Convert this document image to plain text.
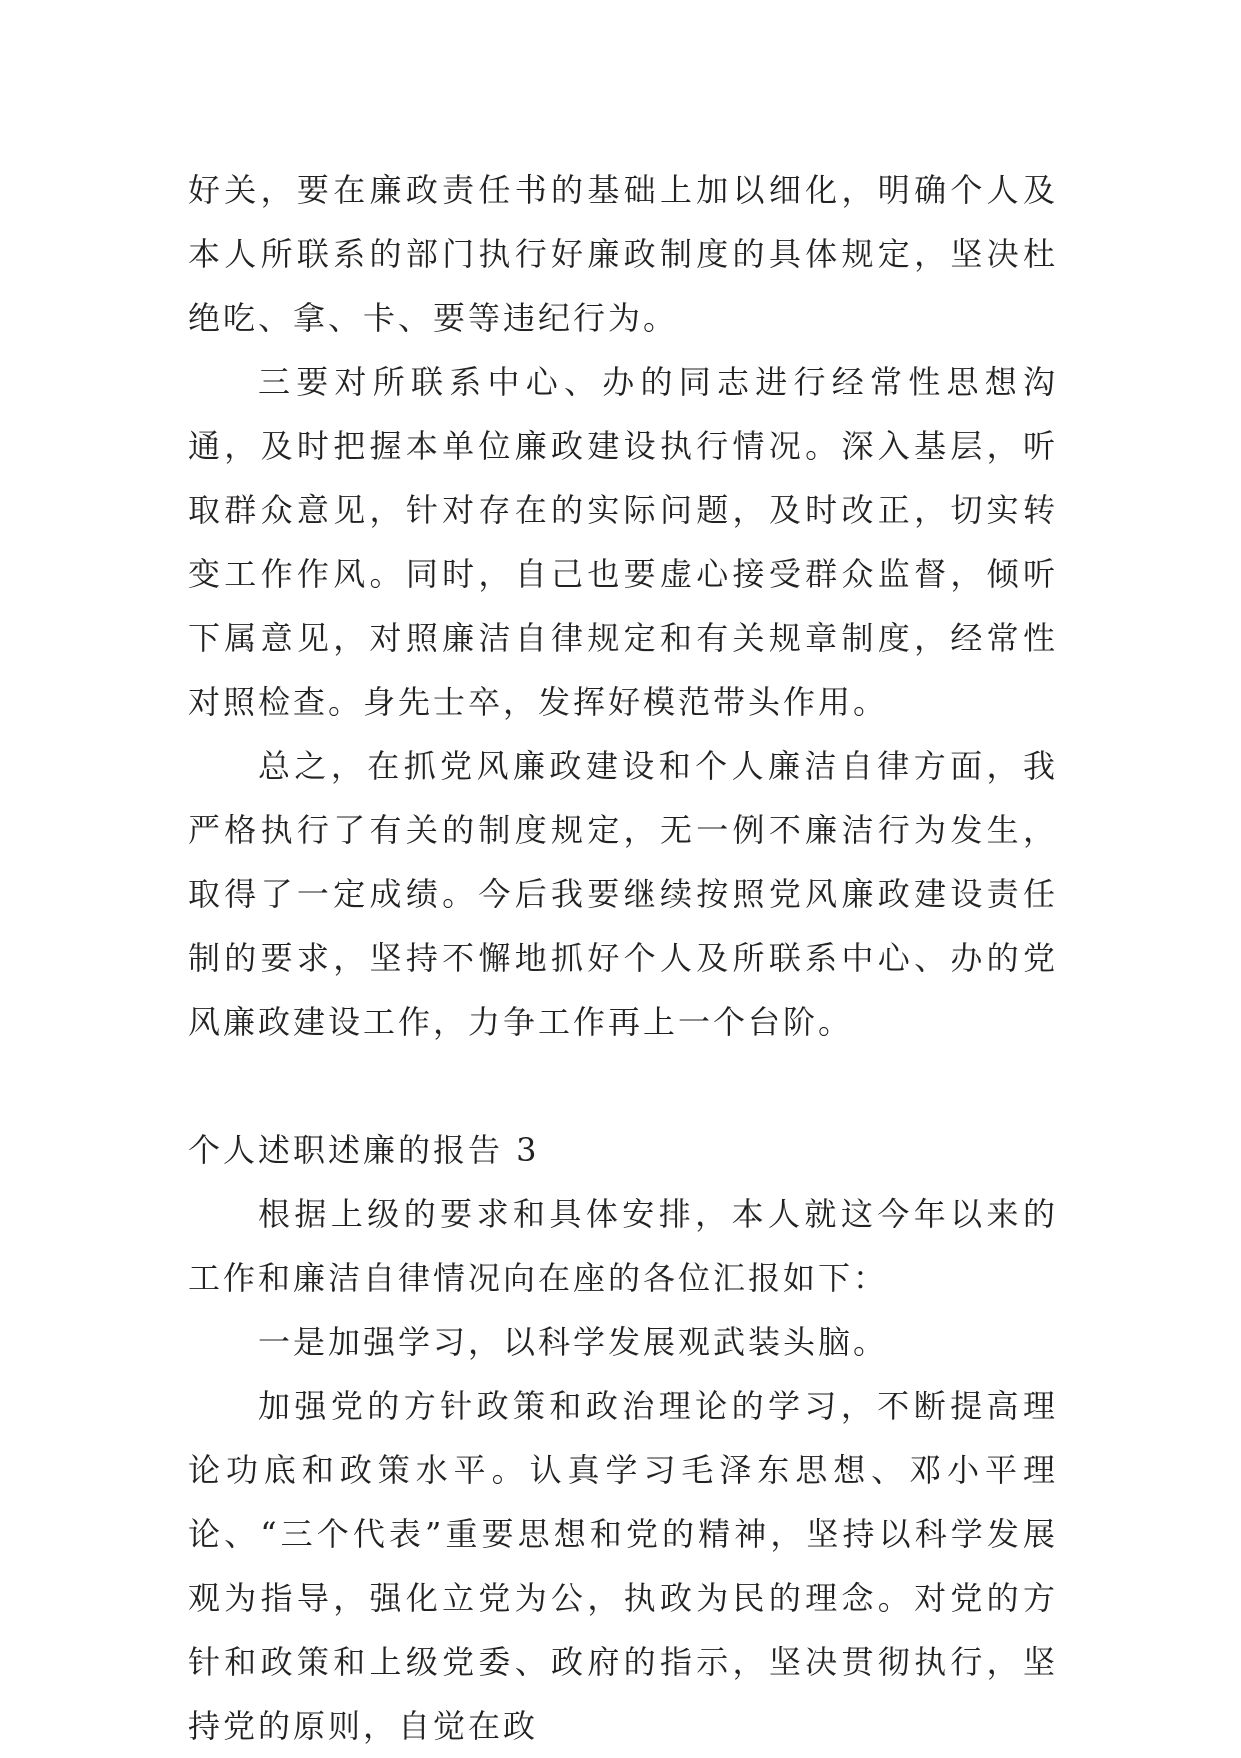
好关，要在廉政责任书的基础上加以细化，明确个人及本人所联系的部门执行好廉政制度的具体规定，坚决杜绝吃、拿、卡、要等违纪行为。

三要对所联系中心、办的同志进行经常性思想沟通，及时把握本单位廉政建设执行情况。深入基层，听取群众意见，针对存在的实际问题，及时改正，切实转变工作作风。同时，自己也要虚心接受群众监督，倾听下属意见，对照廉洁自律规定和有关规章制度，经常性对照检查。身先士卒，发挥好模范带头作用。

总之，在抓党风廉政建设和个人廉洁自律方面，我严格执行了有关的制度规定，无一例不廉洁行为发生，取得了一定成绩。今后我要继续按照党风廉政建设责任制的要求，坚持不懈地抓好个人及所联系中心、办的党风廉政建设工作，力争工作再上一个台阶。

个人述职述廉的报告 3

根据上级的要求和具体安排，本人就这今年以来的工作和廉洁自律情况向在座的各位汇报如下：

一是加强学习，以科学发展观武装头脑。

加强党的方针政策和政治理论的学习，不断提高理论功底和政策水平。认真学习毛泽东思想、邓小平理论、“三个代表”重要思想和党的精神，坚持以科学发展观为指导，强化立党为公，执政为民的理念。对党的方针和政策和上级党委、政府的指示，坚决贯彻执行，坚持党的原则，自觉在政
